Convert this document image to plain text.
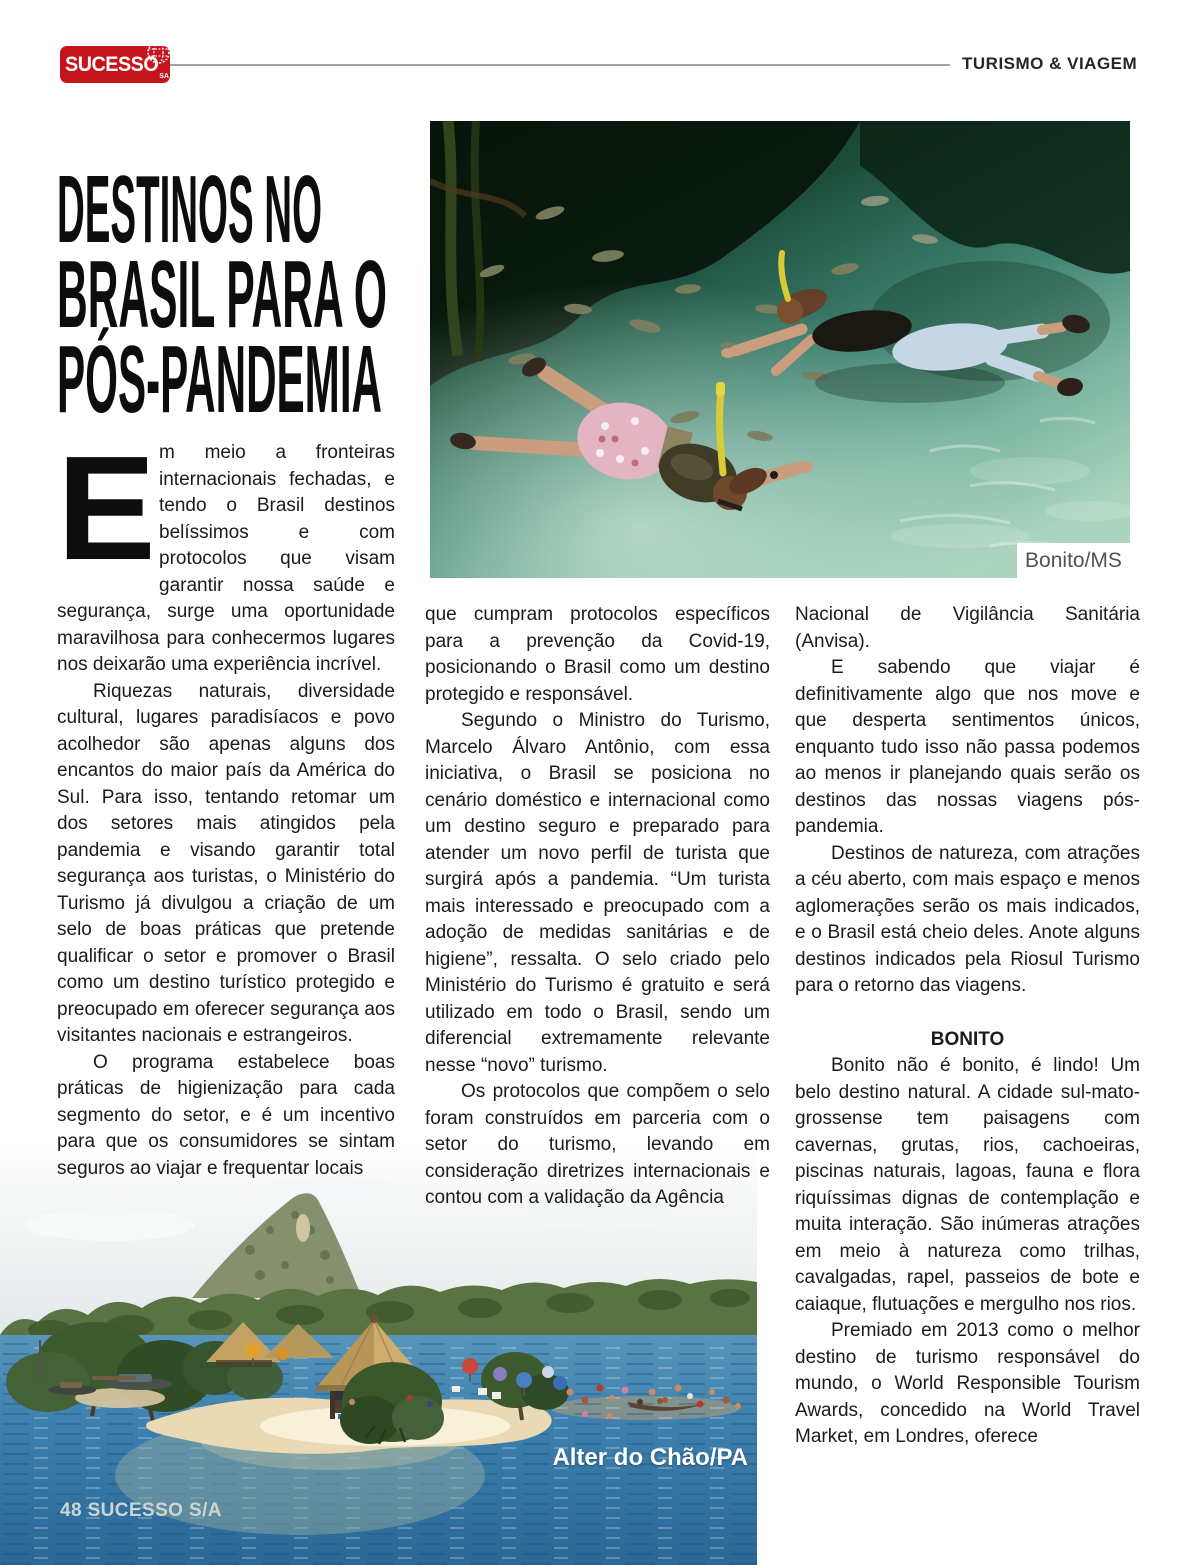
SUCESSO
SA
TURISMO & VIAGEM
DESTINOS NO
BRASIL PARA O
PÓS-PANDEMIA
Bonito/MS

Em meio a fronteiras internacionais fechadas, e tendo o Brasil destinos belíssimos e com protocolos que visam garantir nossa saúde e segurança, surge uma oportunidade maravilhosa para conhecermos lugares nos deixarão uma experiência incrível.

Riquezas naturais, diversidade cultural, lugares paradisíacos e povo acolhedor são apenas alguns dos encantos do maior país da América do Sul. Para isso, tentando retomar um dos setores mais atingidos pela pandemia e visando garantir total segurança aos turistas, o Ministério do Turismo já divulgou a criação de um selo de boas práticas que pretende qualificar o setor e promover o Brasil como um destino turístico protegido e preocupado em oferecer segurança aos visitantes nacionais e estrangeiros.

O programa estabelece boas práticas de higienização para cada segmento do setor, e é um incentivo para que os consumidores se sintam seguros ao viajar e frequentar locais

que cumpram protocolos específicos para a prevenção da Covid-19, posicionando o Brasil como um destino protegido e responsável.

Segundo o Ministro do Turismo, Marcelo Álvaro Antônio, com essa iniciativa, o Brasil se posiciona no cenário doméstico e internacional como um destino seguro e preparado para atender um novo perfil de turista que surgirá após a pandemia. “Um turista mais interessado e preocupado com a adoção de medidas sanitárias e de higiene”, ressalta. O selo criado pelo Ministério do Turismo é gratuito e será utilizado em todo o Brasil, sendo um diferencial extremamente relevante nesse “novo” turismo.

Os protocolos que compõem o selo foram construídos em parceria com o setor do turismo, levando em consideração diretrizes internacionais e contou com a validação da Agência

Nacional de Vigilância Sanitária (Anvisa).

E sabendo que viajar é definitivamente algo que nos move e que desperta sentimentos únicos, enquanto tudo isso não passa podemos ao menos ir planejando quais serão os destinos das nossas viagens pós-pandemia.

Destinos de natureza, com atrações a céu aberto, com mais espaço e menos aglomerações serão os mais indicados, e o Brasil está cheio deles. Anote alguns destinos indicados pela Riosul Turismo para o retorno das viagens.

BONITO

Bonito não é bonito, é lindo! Um belo destino natural. A cidade sul-mato-grossense tem paisagens com cavernas, grutas, rios, cachoeiras, piscinas naturais, lagoas, fauna e flora riquíssimas dignas de contemplação e muita interação. São inúmeras atrações em meio à natureza como trilhas, cavalgadas, rapel, passeios de bote e caiaque, flutuações e mergulho nos rios.

Premiado em 2013 como o melhor destino de turismo responsável do mundo, o World Responsible Tourism Awards, concedido na World Travel Market, em Londres, oferece

Alter do Chão/PA
48 SUCESSO S/A
